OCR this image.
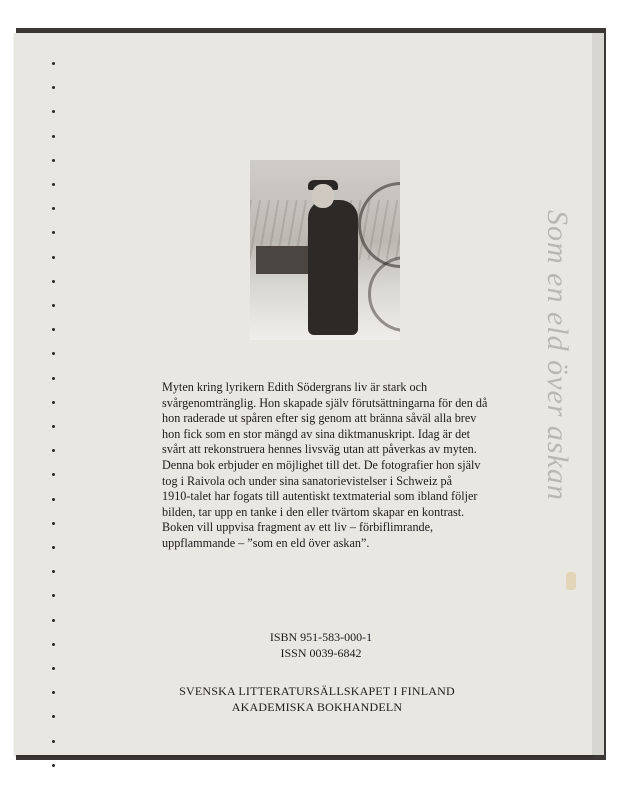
Som en eld över askan
Myten kring lyrikern Edith Södergrans liv är stark och
svårgenomtränglig. Hon skapade själv förutsättningarna för den då
hon raderade ut spåren efter sig genom att bränna såväl alla brev
hon fick som en stor mängd av sina diktmanuskript. Idag är det
svårt att rekonstruera hennes livsväg utan att påverkas av myten.
Denna bok erbjuder en möjlighet till det. De fotografier hon själv
tog i Raivola och under sina sanatorievistelser i Schweiz på
1910-talet har fogats till autentiskt textmaterial som ibland följer
bilden, tar upp en tanke i den eller tvärtom skapar en kontrast.
Boken vill uppvisa fragment av ett liv – förbiflimrande,
uppflammande – ”som en eld över askan”.
ISBN 951-583-000-1
ISSN 0039-6842
SVENSKA LITTERATURSÄLLSKAPET I FINLAND
AKADEMISKA BOKHANDELN
